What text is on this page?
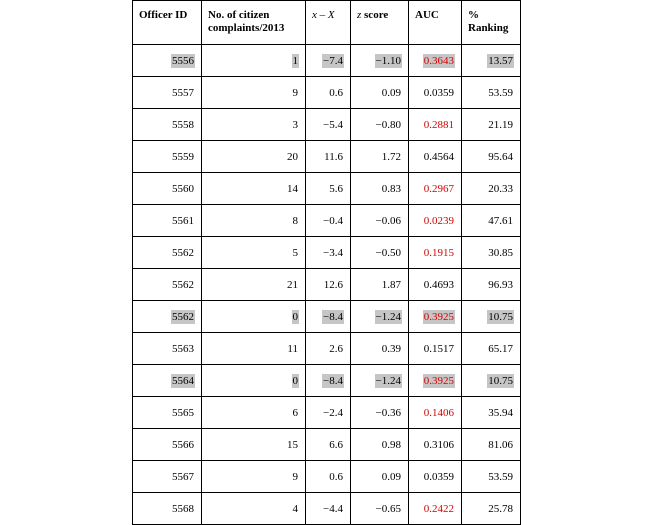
Officer ID	No. of citizen complaints/2013	x – X	z score	AUC	% Ranking
5556	1	−7.4	−1.10	0.3643	13.57
5557	9	0.6	0.09	0.0359	53.59
5558	3	−5.4	−0.80	0.2881	21.19
5559	20	11.6	1.72	0.4564	95.64
5560	14	5.6	0.83	0.2967	20.33
5561	8	−0.4	−0.06	0.0239	47.61
5562	5	−3.4	−0.50	0.1915	30.85
5562	21	12.6	1.87	0.4693	96.93
5562	0	−8.4	−1.24	0.3925	10.75
5563	11	2.6	0.39	0.1517	65.17
5564	0	−8.4	−1.24	0.3925	10.75
5565	6	−2.4	−0.36	0.1406	35.94
5566	15	6.6	0.98	0.3106	81.06
5567	9	0.6	0.09	0.0359	53.59
5568	4	−4.4	−0.65	0.2422	25.78
